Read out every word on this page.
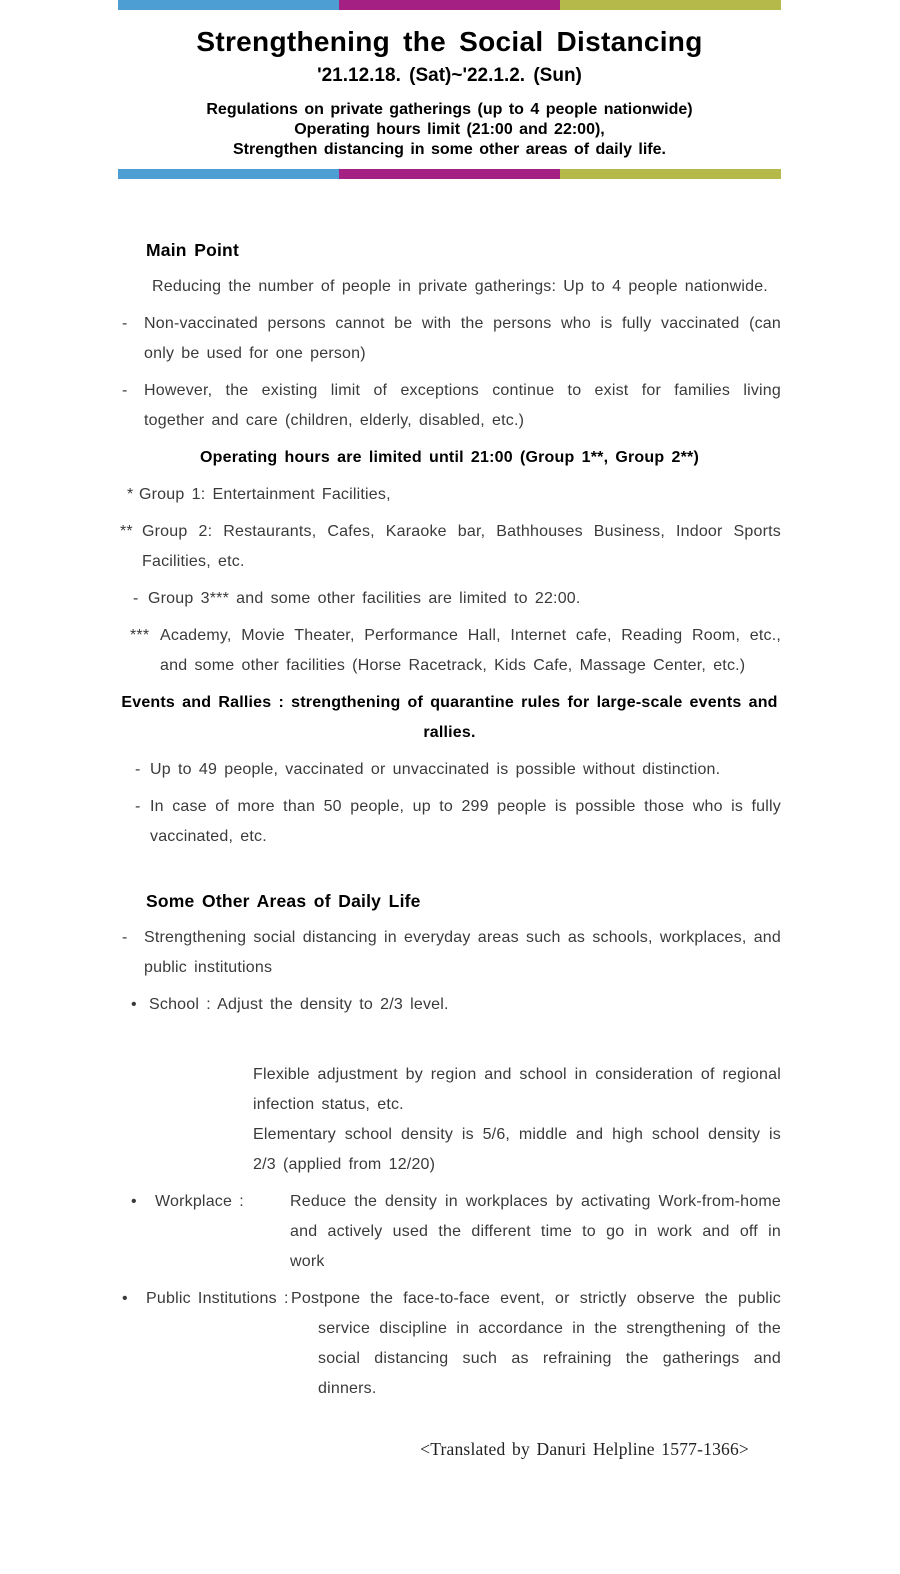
Strengthening the Social Distancing
'21.12.18. (Sat)~'22.1.2. (Sun)

Regulations on private gatherings (up to 4 people nationwide)

Operating hours limit (21:00 and 22:00),

Strengthen distancing in some other areas of daily life.

Main Point

Reducing the number of people in private gatherings: Up to 4 people nationwide.

-	Non-vaccinated persons cannot be with the persons who is fully vaccinated (can only be used for one person)
-	However, the existing limit of exceptions continue to exist for families living together and care (children, elderly, disabled, etc.)

Operating hours are limited until 21:00 (Group 1**, Group 2**)

* Group 1: Entertainment Facilities,
** Group 2: Restaurants, Cafes, Karaoke bar, Bathhouses Business, Indoor Sports Facilities, etc.
- Group 3*** and some other facilities are limited to 22:00.
*** Academy, Movie Theater, Performance Hall, Internet cafe, Reading Room, etc., and some other facilities (Horse Racetrack, Kids Cafe, Massage Center, etc.)

Events and Rallies : strengthening of quarantine rules for large-scale events and rallies.

- Up to 49 people, vaccinated or unvaccinated is possible without distinction.
- In case of more than 50 people, up to 299 people is possible those who is fully vaccinated, etc.
Some Other Areas of Daily Life
-	Strengthening social distancing in everyday areas such as schools, workplaces, and public institutions
• School : Adjust the density to 2/3 level.

Flexible adjustment by region and school in consideration of regional infection status, etc.

Elementary school density is 5/6, middle and high school density is 2/3 (applied from 12/20)

•	Workplace :	Reduce the density in workplaces by activating Work-from-home and actively used the different time to go in work and off in work
•	Public Institutions : Postpone the face-to-face event, or strictly observe the public service discipline in accordance in the strengthening of the social distancing such as refraining the gatherings and dinners.
<Translated by Danuri Helpline 1577-1366>
